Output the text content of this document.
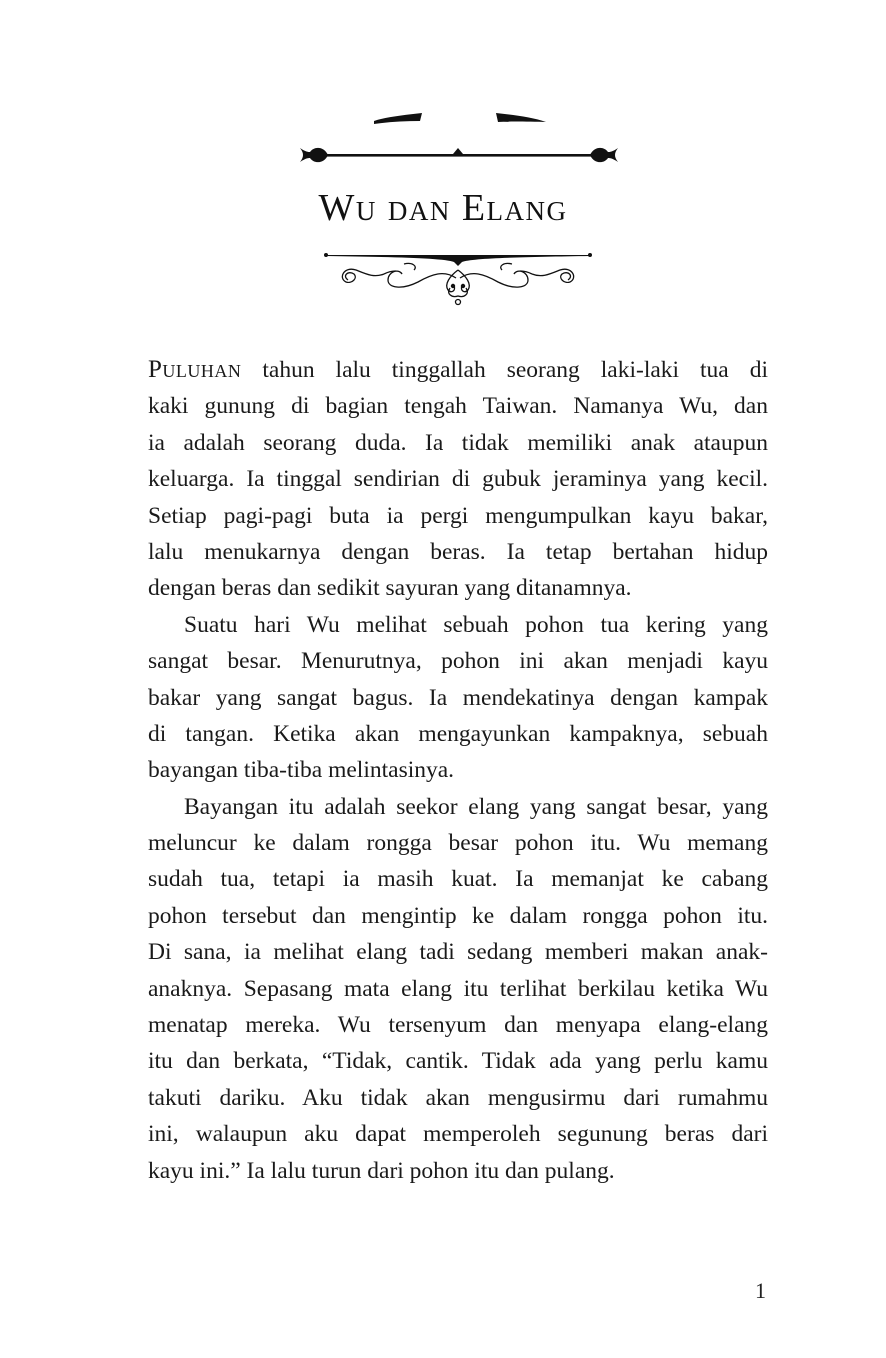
Wu dan Elang
Puluhan tahun lalu tinggallah seorang laki-laki tua di
kaki gunung di bagian tengah Taiwan. Namanya Wu, dan
ia adalah seorang duda. Ia tidak memiliki anak ataupun
keluarga. Ia tinggal sendirian di gubuk jeraminya yang kecil.
Setiap pagi-pagi buta ia pergi mengumpulkan kayu bakar,
lalu menukarnya dengan beras. Ia tetap bertahan hidup
dengan beras dan sedikit sayuran yang ditanamnya.
Suatu hari Wu melihat sebuah pohon tua kering yang
sangat besar. Menurutnya, pohon ini akan menjadi kayu
bakar yang sangat bagus. Ia mendekatinya dengan kampak
di tangan. Ketika akan mengayunkan kampaknya, sebuah
bayangan tiba-tiba melintasinya.
Bayangan itu adalah seekor elang yang sangat besar, yang
meluncur ke dalam rongga besar pohon itu. Wu memang
sudah tua, tetapi ia masih kuat. Ia memanjat ke cabang
pohon tersebut dan mengintip ke dalam rongga pohon itu.
Di sana, ia melihat elang tadi sedang memberi makan anak-
anaknya. Sepasang mata elang itu terlihat berkilau ketika Wu
menatap mereka. Wu tersenyum dan menyapa elang-elang
itu dan berkata, “Tidak, cantik. Tidak ada yang perlu kamu
takuti dariku. Aku tidak akan mengusirmu dari rumahmu
ini, walaupun aku dapat memperoleh segunung beras dari
kayu ini.” Ia lalu turun dari pohon itu dan pulang.
1
